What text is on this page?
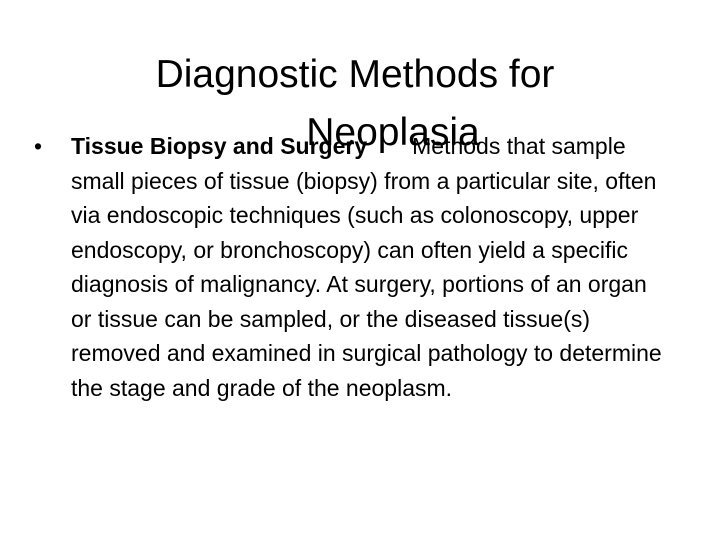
Diagnostic Methods for
Neoplasia
•	Tissue Biopsy and Surgery Methods that sample small pieces of tissue (biopsy) from a particular site, often via endoscopic techniques (such as colonoscopy, upper endoscopy, or bronchoscopy) can often yield a specific diagnosis of malignancy. At surgery, portions of an organ or tissue can be sampled, or the diseased tissue(s) removed and examined in surgical pathology to determine the stage and grade of the neoplasm.
